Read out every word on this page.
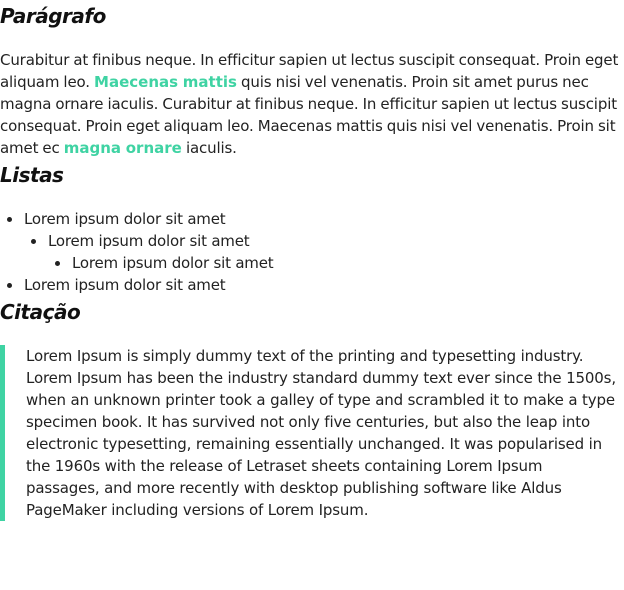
Parágrafo

Curabitur at finibus neque. In efficitur sapien ut lectus suscipit consequat. Proin eget aliquam leo. Maecenas mattis quis nisi vel venenatis. Proin sit amet purus nec magna ornare iaculis. Curabitur at finibus neque. In efficitur sapien ut lectus suscipit consequat. Proin eget aliquam leo. Maecenas mattis quis nisi vel venenatis. Proin sit amet ec magna ornare iaculis.

Listas
Lorem ipsum dolor sit amet
Lorem ipsum dolor sit amet
Lorem ipsum dolor sit amet
Lorem ipsum dolor sit amet
Citação
Lorem Ipsum is simply dummy text of the printing and typesetting industry. Lorem Ipsum has been the industry standard dummy text ever since the 1500s, when an unknown printer took a galley of type and scrambled it to make a type specimen book. It has survived not only five centuries, but also the leap into electronic typesetting, remaining essentially unchanged. It was popularised in the 1960s with the release of Letraset sheets containing Lorem Ipsum passages, and more recently with desktop publishing software like Aldus PageMaker including versions of Lorem Ipsum.
